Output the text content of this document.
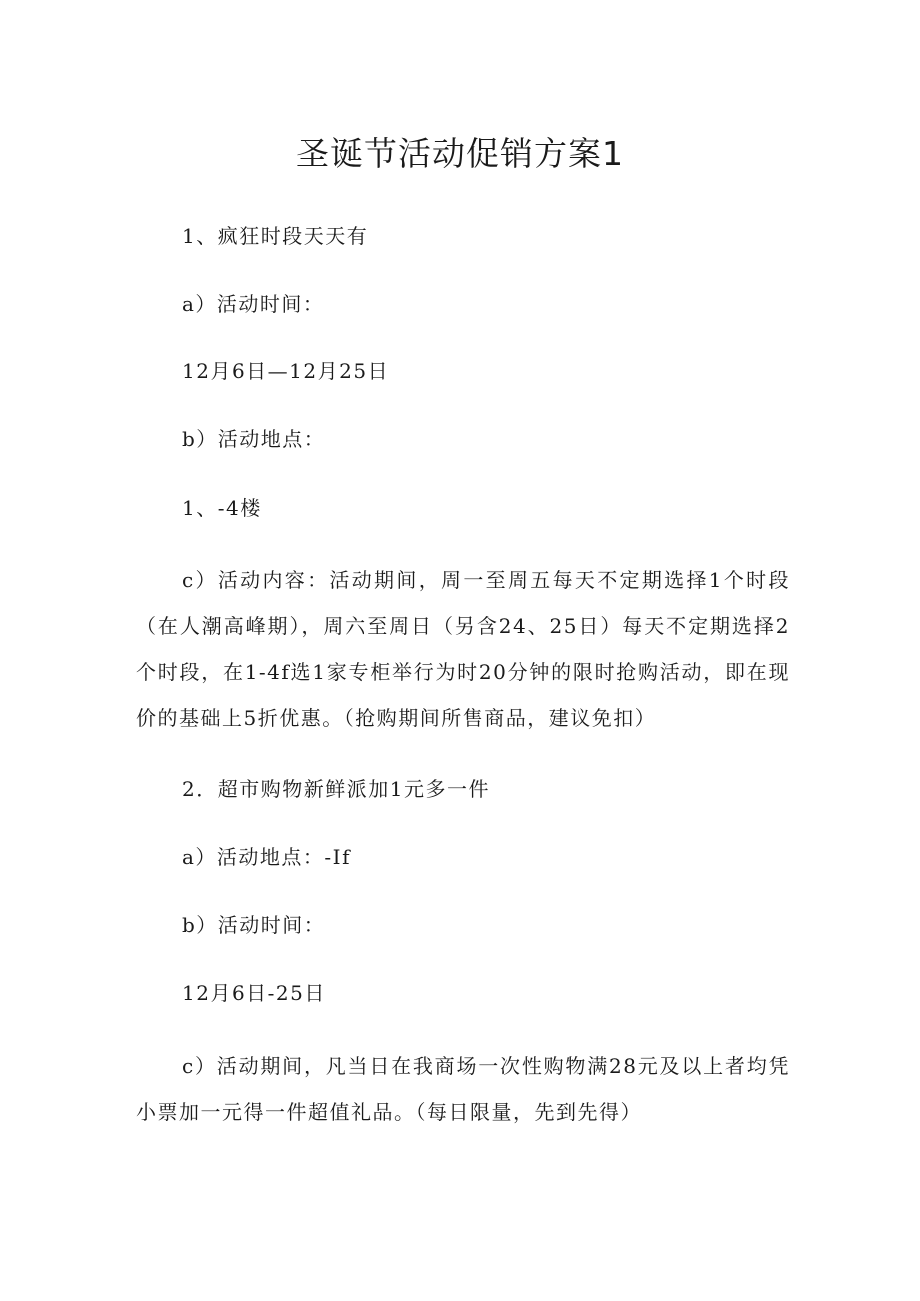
圣诞节活动促销方案1

1、疯狂时段天天有

a）活动时间：

12月6日—12月25日

b）活动地点：

1、-4楼

c）活动内容：活动期间，周一至周五每天不定期选择1个时段（在人潮高峰期），周六至周日（另含24、25日）每天不定期选择2个时段，在1-4f选1家专柜举行为时20分钟的限时抢购活动，即在现价的基础上5折优惠。（抢购期间所售商品，建议免扣）

2．超市购物新鲜派加1元多一件

a）活动地点：-If

b）活动时间：

12月6日-25日

c）活动期间，凡当日在我商场一次性购物满28元及以上者均凭小票加一元得一件超值礼品。（每日限量，先到先得）
